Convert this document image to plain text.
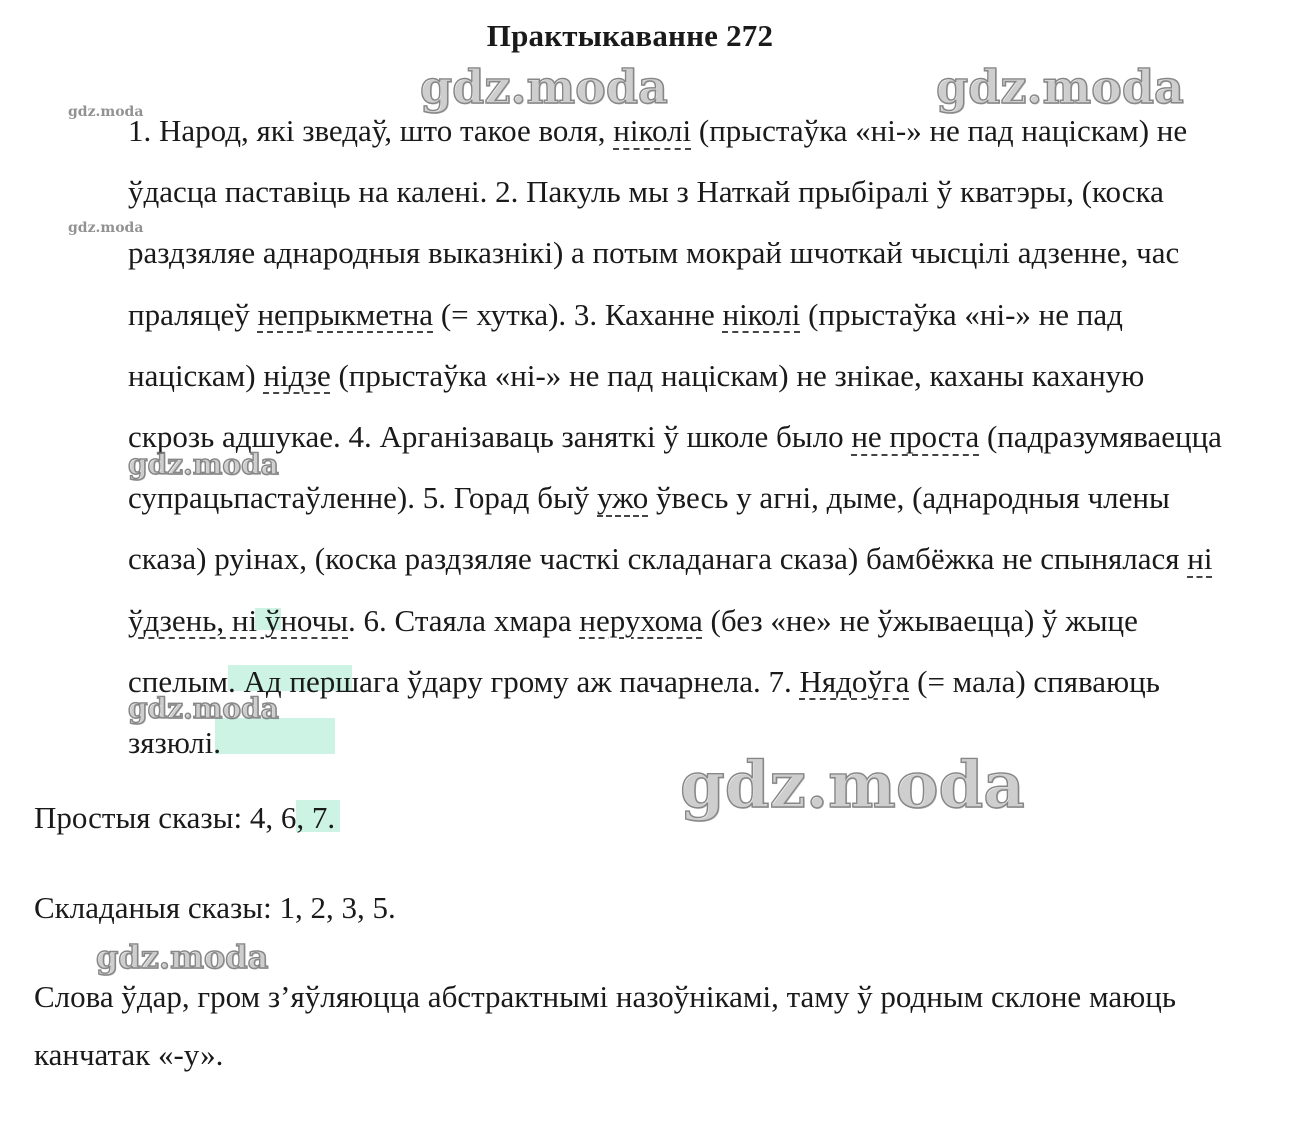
Практыкаванне 272

1. Народ, які зведаў, што такое воля, ніколі (прыстаўка «ні-» не пад націскам) не ўдасца паставіць на калені. 2. Пакуль мы з Наткай прыбіралі ў кватэры, (коска раздзяляе аднародныя выказнікі) а потым мокрай шчоткай чысцілі адзенне, час праляцеў непрыкметна (= хутка). 3. Каханне ніколі (прыстаўка «ні-» не пад націскам) нідзе (прыстаўка «ні-» не пад націскам) не знікае, каханы каханую скрозь адшукае. 4. Арганізаваць заняткі ў школе было не проста (падразумяваецца супрацьпастаўленне). 5. Горад быў ужо ўвесь у агні, дыме, (аднародныя члены сказа) руінах, (коска раздзяляе часткі складанага сказа) бамбёжка не спынялася ні ўдзень, ні ўночы. 6. Стаяла хмара нерухома (без «не» не ўжываецца) ў жыце спелым. Ад першага ўдару грому аж пачарнела. 7. Нядоўга (= мала) спяваюць зязюлі.

Простыя сказы: 4, 6, 7.
Складаныя сказы: 1, 2, 3, 5.
Слова ўдар, гром з’яўляюцца абстрактнымі назоўнікамі, таму ў родным склоне маюць канчатак «-у».
gdz.moda	gdz.moda
gdz.moda
gdz.moda
gdz.moda
gdz.moda
gdz.moda
gdz.moda
